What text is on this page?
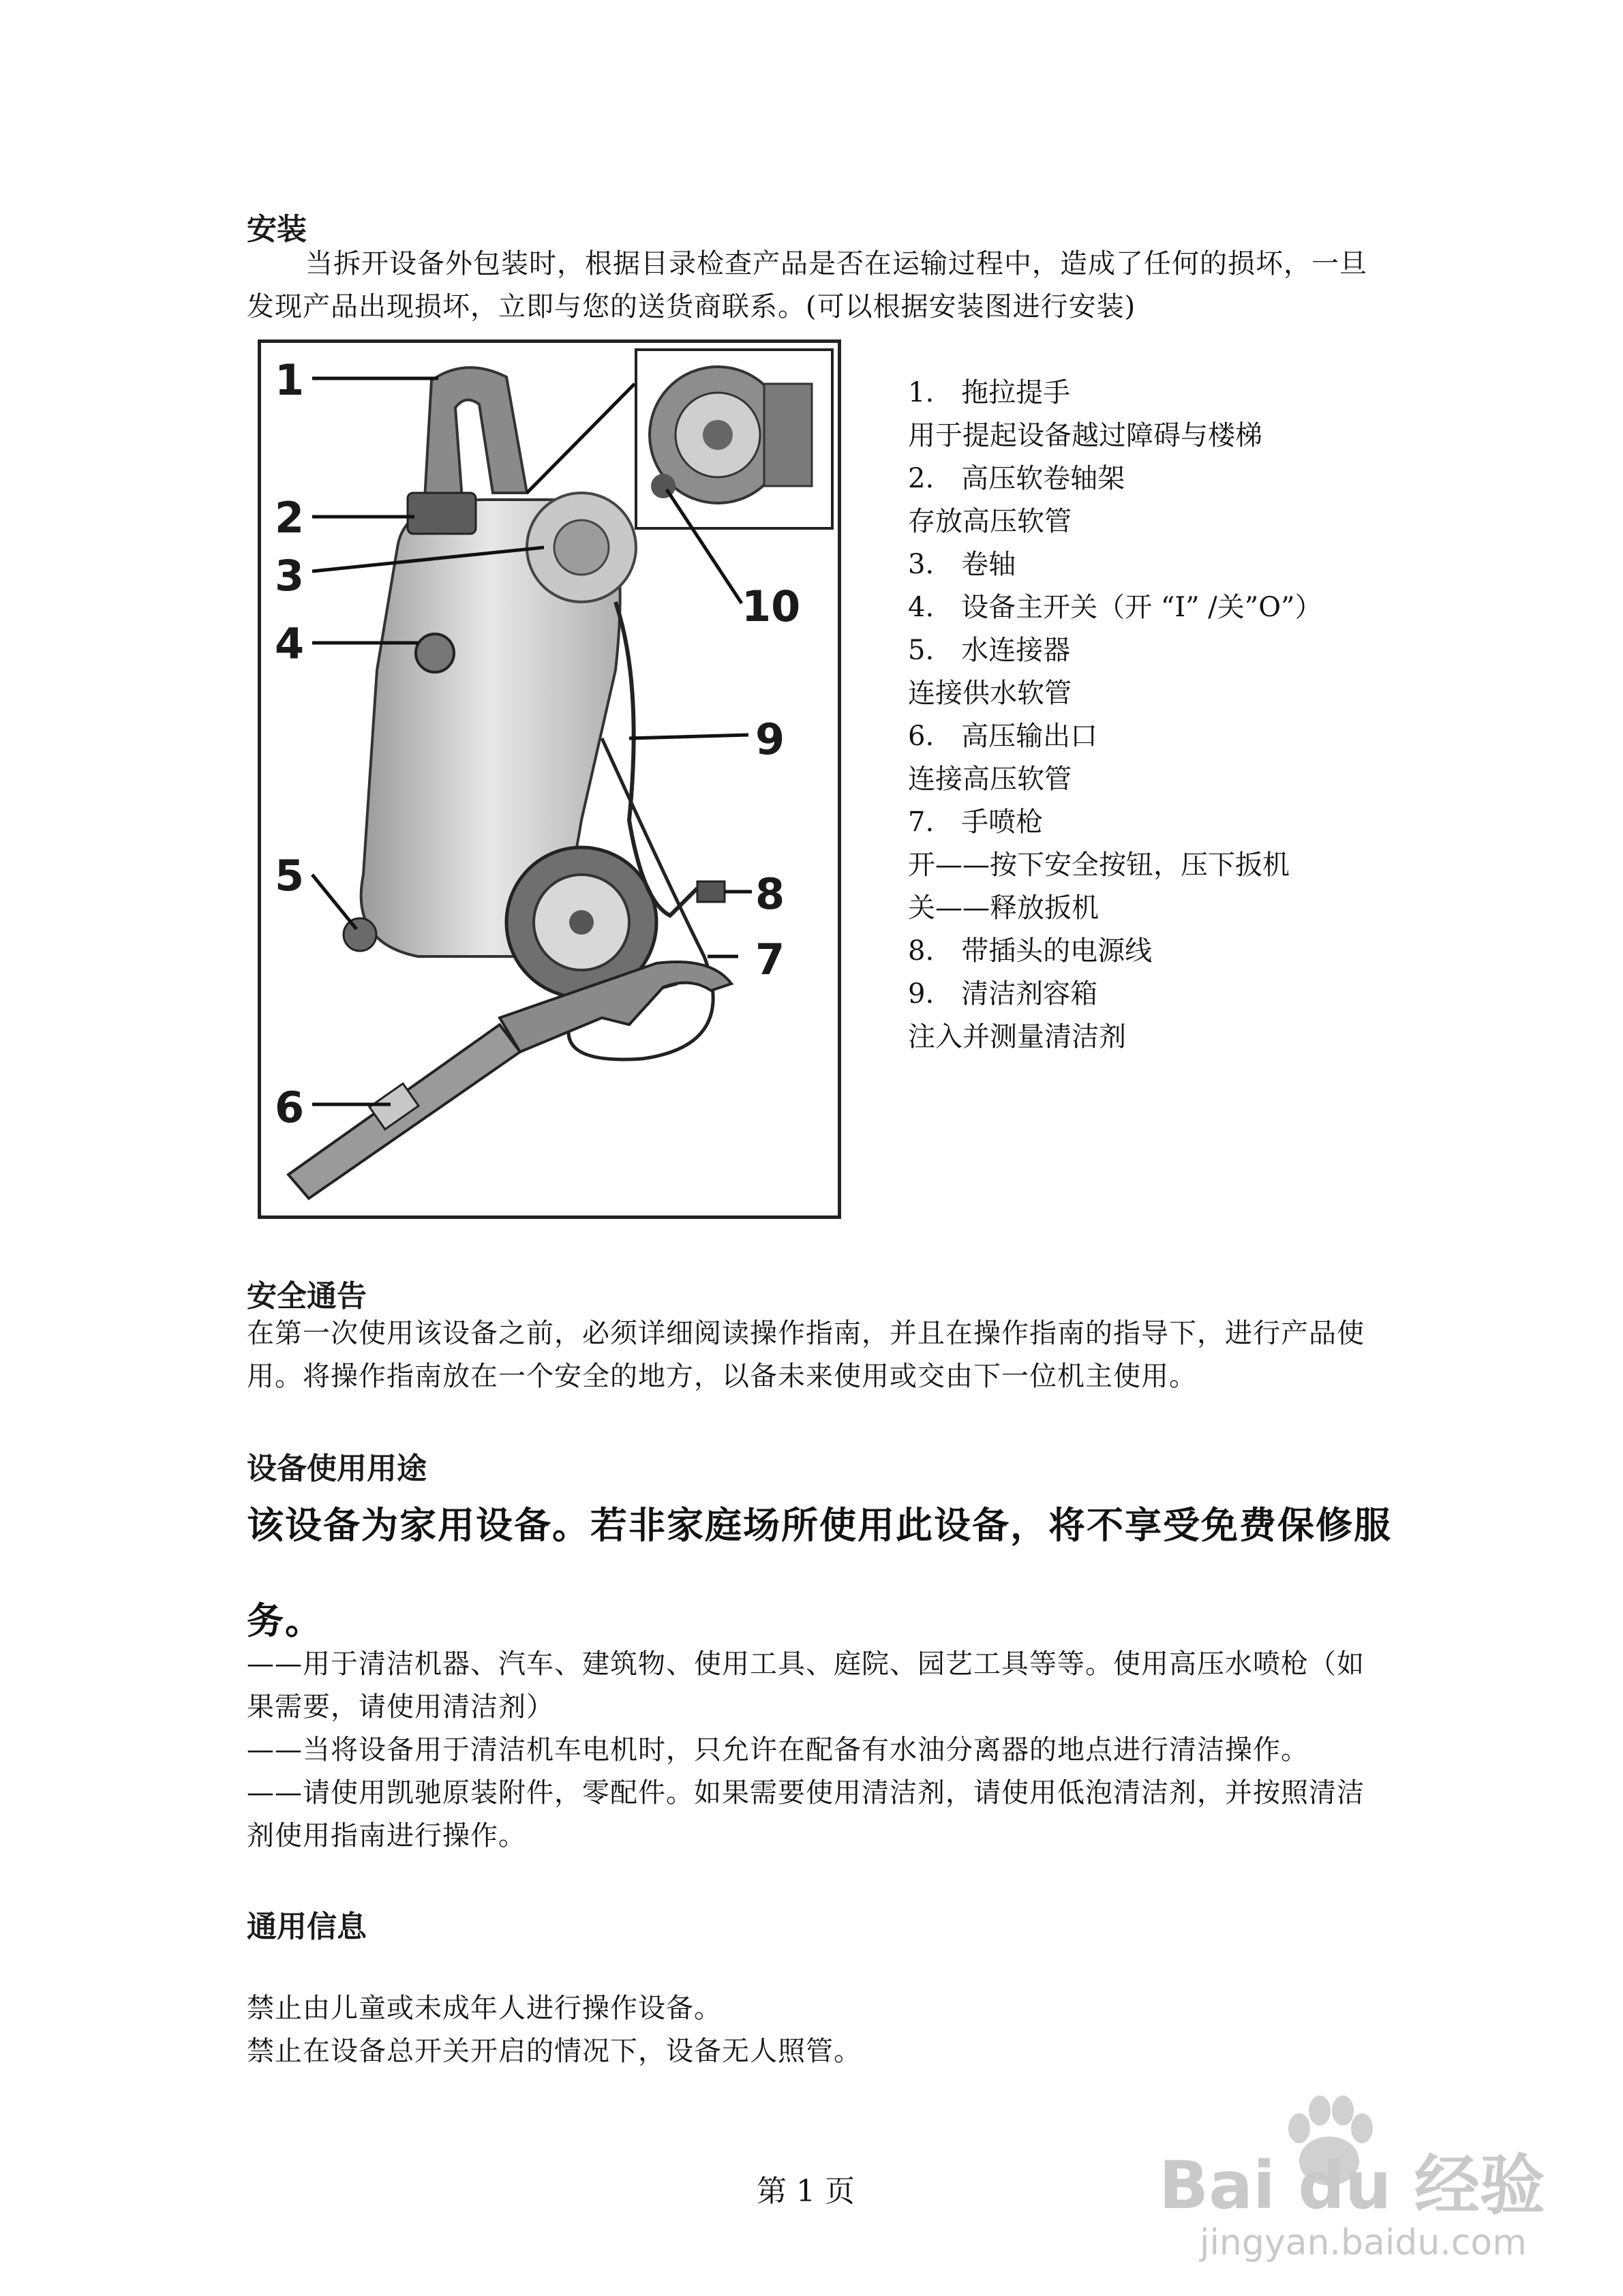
安装
当拆开设备外包装时，根据目录检查产品是否在运输过程中，造成了任何的损坏，一旦
发现产品出现损坏，立即与您的送货商联系。(可以根据安装图进行安装)
1
2
3
4
5
6
7
8
9
10
1.　拖拉提手
用于提起设备越过障碍与楼梯
2.　高压软卷轴架
存放高压软管
3.　卷轴
4.　设备主开关（开 “I” /关”O”）
5.　水连接器
连接供水软管
6.　高压输出口
连接高压软管
7.　手喷枪
开——按下安全按钮，压下扳机
关——释放扳机
8.　带插头的电源线
9.　清洁剂容箱
注入并测量清洁剂
安全通告
在第一次使用该设备之前，必须详细阅读操作指南，并且在操作指南的指导下，进行产品使用。将操作指南放在一个安全的地方，以备未来使用或交由下一位机主使用。
设备使用用途
该设备为家用设备。若非家庭场所使用此设备，将不享受免费保修服务。
——用于清洁机器、汽车、建筑物、使用工具、庭院、园艺工具等等。使用高压水喷枪（如果需要，请使用清洁剂）
——当将设备用于清洁机车电机时，只允许在配备有水油分离器的地点进行清洁操作。
——请使用凯驰原装附件，零配件。如果需要使用清洁剂，请使用低泡清洁剂，并按照清洁剂使用指南进行操作。
通用信息
禁止由儿童或未成年人进行操作设备。
禁止在设备总开关开启的情况下，设备无人照管。
Bai du 经验
jingyan.baidu.com
第 1 页
